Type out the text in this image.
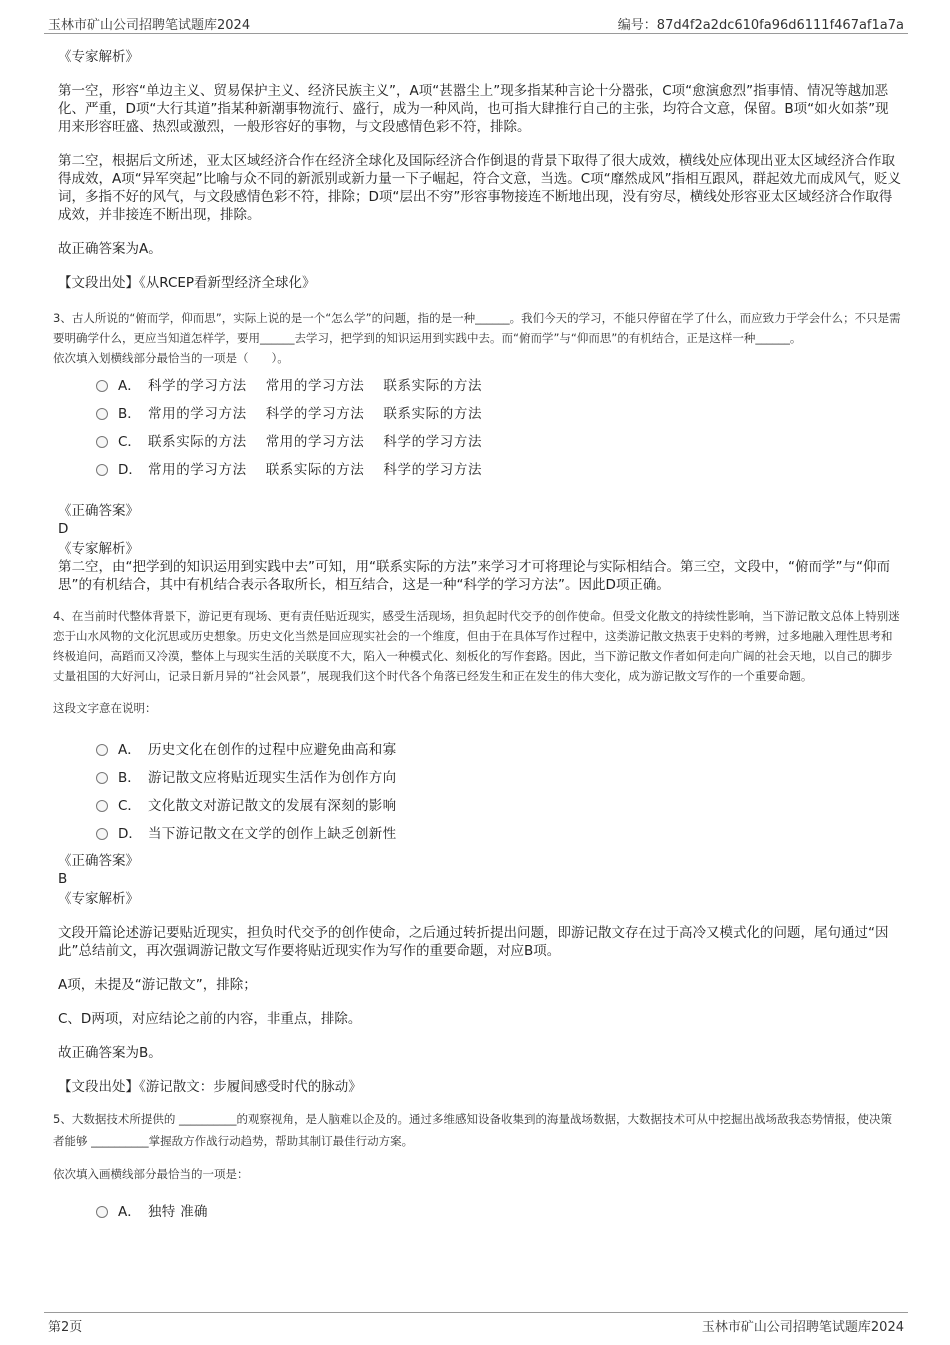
玉林市矿山公司招聘笔试题库2024	编号：87d4f2a2dc610fa96d6111f467af1a7a
《专家解析》

第一空，形容“单边主义、贸易保护主义、经济民族主义”，A项“甚嚣尘上”现多指某种言论十分嚣张，C项“愈演愈烈”指事情、情况等越加恶化、严重，D项“大行其道”指某种新潮事物流行、盛行，成为一种风尚，也可指大肆推行自己的主张，均符合文意，保留。B项“如火如荼”现用来形容旺盛、热烈或激烈，一般形容好的事物，与文段感情色彩不符，排除。

第二空，根据后文所述，亚太区域经济合作在经济全球化及国际经济合作倒退的背景下取得了很大成效，横线处应体现出亚太区域经济合作取得成效，A项“异军突起”比喻与众不同的新派别或新力量一下子崛起，符合文意，当选。C项“靡然成风”指相互跟风，群起效尤而成风气，贬义词，多指不好的风气，与文段感情色彩不符，排除；D项“层出不穷”形容事物接连不断地出现，没有穷尽，横线处形容亚太区域经济合作取得成效，并非接连不断出现，排除。

故正确答案为A。

【文段出处】《从RCEP看新型经济全球化》

3、古人所说的“俯而学，仰而思”，实际上说的是一个“怎么学”的问题，指的是一种______。我们今天的学习，不能只停留在学了什么，而应致力于学会什么；不只是需要明确学什么，更应当知道怎样学，要用______去学习，把学到的知识运用到实践中去。而“俯而学”与“仰而思”的有机结合，正是这样一种______。

依次填入划横线部分最恰当的一项是（　　）。

A． 科学的学习方法　 常用的学习方法　 联系实际的方法
B． 常用的学习方法　 科学的学习方法　 联系实际的方法
C． 联系实际的方法　 常用的学习方法　 科学的学习方法
D． 常用的学习方法　 联系实际的方法　 科学的学习方法
《正确答案》
D
《专家解析》

第二空，由“把学到的知识运用到实践中去”可知，用“联系实际的方法”来学习才可将理论与实际相结合。第三空，文段中，“俯而学”与“仰而思”的有机结合，其中有机结合表示各取所长，相互结合，这是一种“科学的学习方法”。因此D项正确。

4、在当前时代整体背景下，游记更有现场、更有责任贴近现实，感受生活现场，担负起时代交予的创作使命。但受文化散文的持续性影响，当下游记散文总体上特别迷恋于山水风物的文化沉思或历史想象。历史文化当然是回应现实社会的一个维度，但由于在具体写作过程中，这类游记散文热衷于史料的考辨，过多地融入理性思考和终极追问，高蹈而又冷漠，整体上与现实生活的关联度不大，陷入一种模式化、刻板化的写作套路。因此，当下游记散文作者如何走向广阔的社会天地，以自己的脚步丈量祖国的大好河山，记录日新月异的“社会风景”，展现我们这个时代各个角落已经发生和正在发生的伟大变化，成为游记散文写作的一个重要命题。

这段文字意在说明：

A． 历史文化在创作的过程中应避免曲高和寡
B． 游记散文应将贴近现实生活作为创作方向
C． 文化散文对游记散文的发展有深刻的影响
D． 当下游记散文在文学的创作上缺乏创新性
《正确答案》
B
《专家解析》

文段开篇论述游记要贴近现实，担负时代交予的创作使命，之后通过转折提出问题，即游记散文存在过于高冷又模式化的问题，尾句通过“因此”总结前文，再次强调游记散文写作要将贴近现实作为写作的重要命题，对应B项。

A项，未提及“游记散文”，排除；

C、D两项，对应结论之前的内容，非重点，排除。

故正确答案为B。

【文段出处】《游记散文：步履间感受时代的脉动》

5、大数据技术所提供的 __________的观察视角，是人脑难以企及的。通过多维感知设备收集到的海量战场数据，大数据技术可从中挖掘出战场敌我态势情报，使决策者能够 __________掌握敌方作战行动趋势，帮助其制订最佳行动方案。

依次填入画横线部分最恰当的一项是：

A． 独特 准确
第2页	玉林市矿山公司招聘笔试题库2024
